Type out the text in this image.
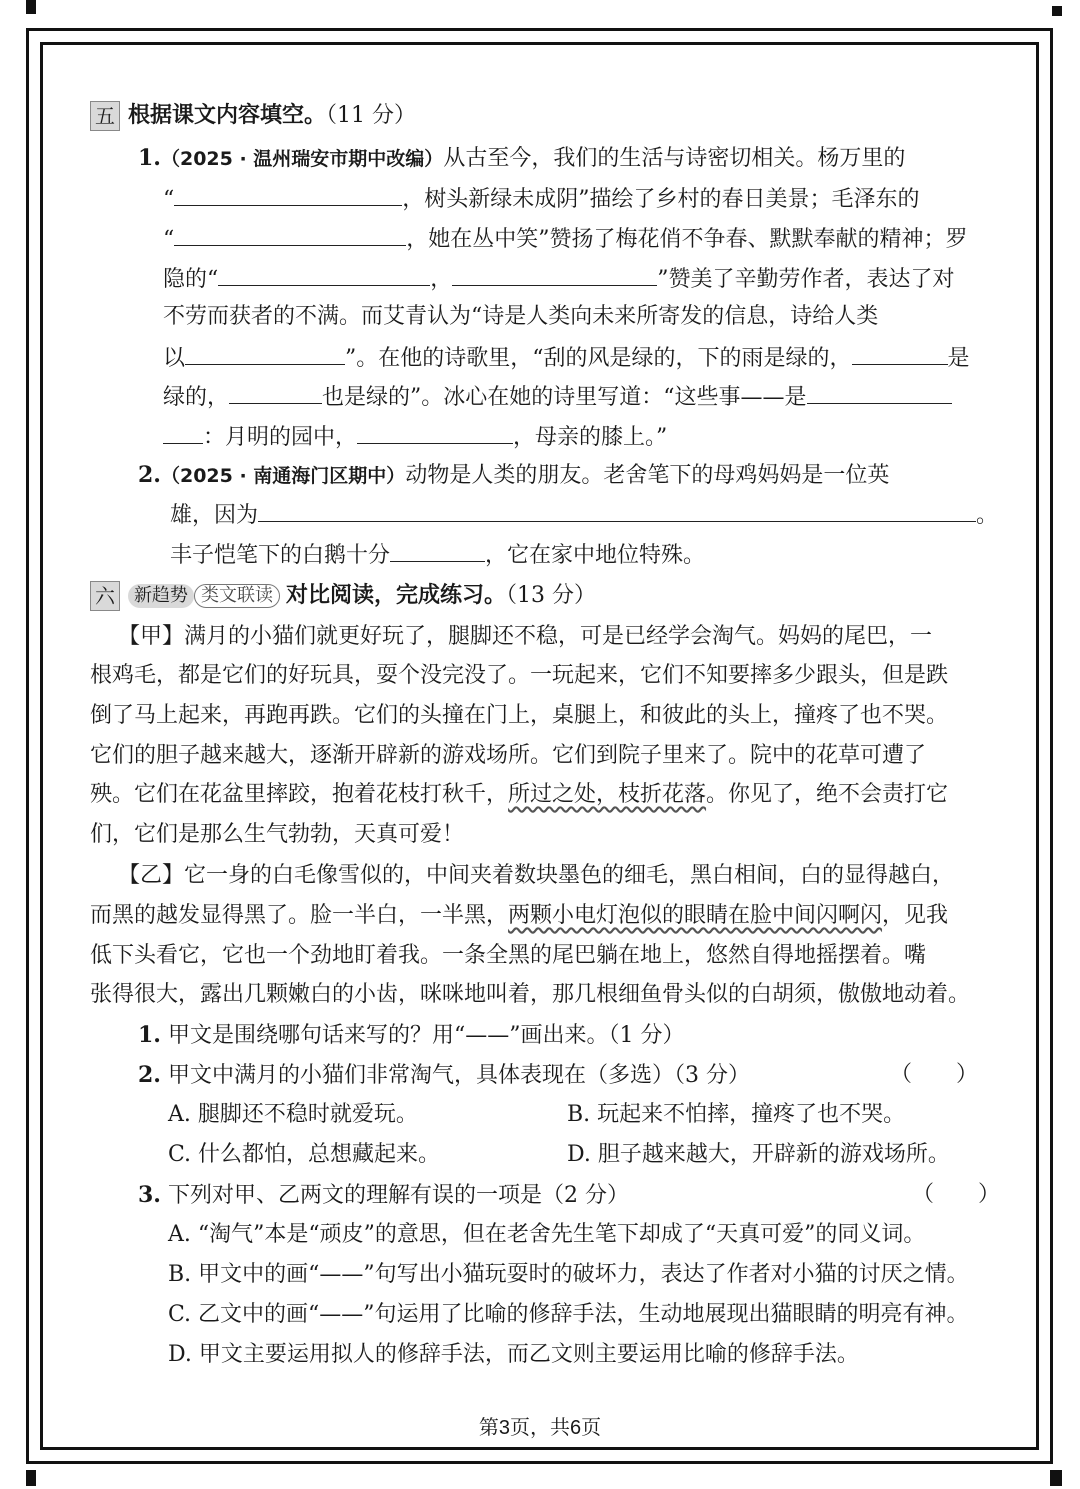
五 根据课文内容填空。（11 分）
1.（2025 · 温州瑞安市期中改编）从古至今，我们的生活与诗密切相关。杨万里的
“	，树头新绿未成阴”描绘了乡村的春日美景；毛泽东的
“	，她在丛中笑”赞扬了梅花俏不争春、默默奉献的精神；罗
隐的“	，	”赞美了辛勤劳作者，表达了对
不劳而获者的不满。而艾青认为“诗是人类向未来所寄发的信息，诗给人类
以	”。在他的诗歌里，“刮的风是绿的，下的雨是绿的，	是
绿的，	也是绿的”。冰心在她的诗里写道：“这些事——是
：月明的园中，	，母亲的膝上。”
2.（2025 · 南通海门区期中）动物是人类的朋友。老舍笔下的母鸡妈妈是一位英
雄，因为	。
丰子恺笔下的白鹅十分	，它在家中地位特殊。
六 新趋势 类文联读 对比阅读，完成练习。（13 分）
【甲】满月的小猫们就更好玩了，腿脚还不稳，可是已经学会淘气。妈妈的尾巴，一
根鸡毛，都是它们的好玩具，耍个没完没了。一玩起来，它们不知要摔多少跟头，但是跌
倒了马上起来，再跑再跌。它们的头撞在门上，桌腿上，和彼此的头上，撞疼了也不哭。
它们的胆子越来越大，逐渐开辟新的游戏场所。它们到院子里来了。院中的花草可遭了
殃。它们在花盆里摔跤，抱着花枝打秋千，所过之处，枝折花落。你见了，绝不会责打它
们，它们是那么生气勃勃，天真可爱！
【乙】它一身的白毛像雪似的，中间夹着数块墨色的细毛，黑白相间，白的显得越白，
而黑的越发显得黑了。脸一半白，一半黑，两颗小电灯泡似的眼睛在脸中间闪啊闪，见我
低下头看它，它也一个劲地盯着我。一条全黑的尾巴躺在地上，悠然自得地摇摆着。嘴
张得很大，露出几颗嫩白的小齿，咪咪地叫着，那几根细鱼骨头似的白胡须，傲傲地动着。
1. 甲文是围绕哪句话来写的？用“——”画出来。（1 分）
2. 甲文中满月的小猫们非常淘气，具体表现在（多选）（3 分）	（　　）
A. 腿脚还不稳时就爱玩。	B. 玩起来不怕摔，撞疼了也不哭。
C. 什么都怕，总想藏起来。	D. 胆子越来越大，开辟新的游戏场所。
3. 下列对甲、乙两文的理解有误的一项是（2 分）	（　　）
A. “淘气”本是“顽皮”的意思，但在老舍先生笔下却成了“天真可爱”的同义词。
B. 甲文中的画“——”句写出小猫玩耍时的破坏力，表达了作者对小猫的讨厌之情。
C. 乙文中的画“——”句运用了比喻的修辞手法，生动地展现出猫眼睛的明亮有神。
D. 甲文主要运用拟人的修辞手法，而乙文则主要运用比喻的修辞手法。
第3页，共6页
